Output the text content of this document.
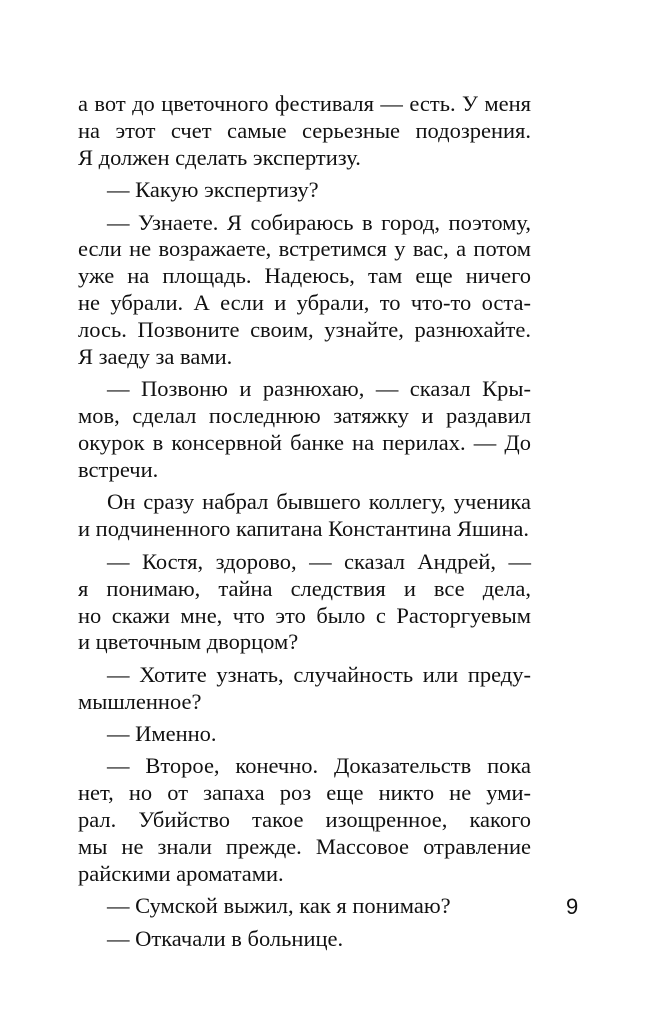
а вот до цветочного фестиваля — есть. У меня
на этот счет самые серьезные подозрения.
Я должен сделать экспертизу.
— Какую экспертизу?
— Узнаете. Я собираюсь в город, поэтому,
если не возражаете, встретимся у вас, а потом
уже на площадь. Надеюсь, там еще ничего
не убрали. А если и убрали, то что-то оста-
лось. Позвоните своим, узнайте, разнюхайте.
Я заеду за вами.
— Позвоню и разнюхаю, — сказал Кры-
мов, сделал последнюю затяжку и раздавил
окурок в консервной банке на перилах. — До
встречи.
Он сразу набрал бывшего коллегу, ученика
и подчиненного капитана Константина Яшина.
— Костя, здорово, — сказал Андрей, —
я понимаю, тайна следствия и все дела,
но скажи мне, что это было с Расторгуевым
и цветочным дворцом?
— Хотите узнать, случайность или преду-
мышленное?
— Именно.
— Второе, конечно. Доказательств пока
нет, но от запаха роз еще никто не уми-
рал. Убийство такое изощренное, какого
мы не знали прежде. Массовое отравление
райскими ароматами.
— Сумской выжил, как я понимаю?
— Откачали в больнице.
9
